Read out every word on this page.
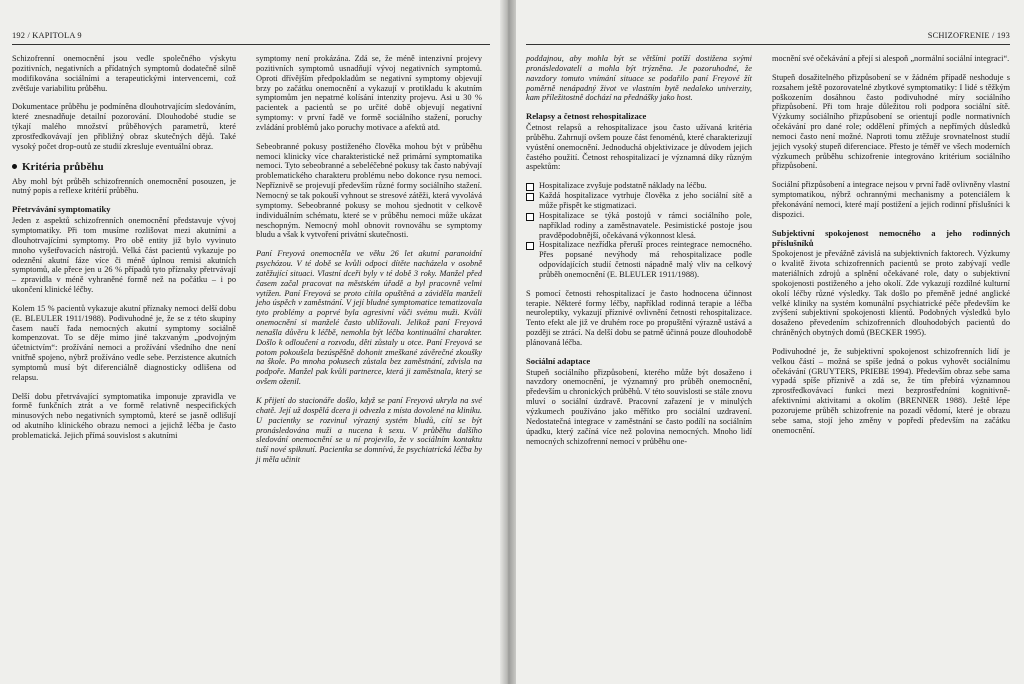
192 / KAPITOLA 9

Schizofrenní onemocnění jsou vedle společného výskytu pozitivních, negativních a přídatných symptomů dodatečně silně modifikována sociálními a terapeutickými intervencemi, což zvětšuje variabilitu průběhu.

Dokumentace průběhu je podmíněna dlouhotrvajícím sledováním, které znesnadňuje detailní pozorování. Dlouhodobé studie se týkají malého množství průběhových parametrů, které zprostředkovávají jen přibližný obraz skutečných dějů. Také vysoký počet drop-outů ze studií zkresluje eventuální obraz.

Kritéria průběhu

Aby mohl být průběh schizofrenních onemocnění posouzen, je nutný popis a reflexe kritérií průběhu.

Přetrvávání symptomatiky

Jeden z aspektů schizofrenních onemocnění představuje vývoj symptomatiky. Při tom musíme rozlišovat mezi akutními a dlouhotrvajícími symptomy. Pro obě entity již bylo vyvinuto mnoho vyšetřovacích nástrojů. Velká část pacientů vykazuje po odeznění akutní fáze více či méně úplnou remisi akutních symptomů, ale přece jen u 26 % případů tyto příznaky přetrvávají – zpravidla v méně vyhraněné formě než na počátku – i po ukončení klinické léčby.

Kolem 15 % pacientů vykazuje akutní příznaky nemoci delší dobu (E. BLEULER 1911/1988). Podivuhodné je, že se z této skupiny časem naučí řada nemocných akutní symptomy sociálně kompenzovat. To se děje mimo jiné takzvaným „podvojným účetnictvím“: prožívání nemoci a prožívání všedního dne není vnitřně spojeno, nýbrž prožíváno vedle sebe. Perzistence akutních symptomů musí být diferenciálně diagnosticky odlišena od relapsu.

Delší dobu přetrvávající symptomatika imponuje zpravidla ve formě funkčních ztrát a ve formě relativně nespecifických minusových nebo negativních symptomů, které se jasně odlišují od akutního klinického obrazu nemoci a jejichž léčba je často problematická. Jejich přímá souvislost s akutními

symptomy není prokázána. Zdá se, že méně intenzivní projevy pozitivních symptomů usnadňují vývoj negativních symptomů. Oproti dřívějším předpokladům se negativní symptomy objevují brzy po začátku onemocnění a vykazují v protikladu k akutním symptomům jen nepatrné kolísání intenzity projevu. Asi u 30 % pacientek a pacientů se po určité době objevují negativní symptomy: v první řadě ve formě sociálního stažení, poruchy zvládání problémů jako poruchy motivace a afektů atd.

Sebeobranné pokusy postiženého člověka mohou být v průběhu nemoci klinicky více charakteristické než primární symptomatika nemoci. Tyto sebeobranné a sebeléčebné pokusy tak často nabývají problematického charakteru problému nebo dokonce rysu nemoci. Nepříznivě se projevují především různé formy sociálního stažení. Nemocný se tak pokouší vyhnout se stresové zátěži, která vyvolává symptomy. Sebeobranné pokusy se mohou sjednotit v celkově individuálním schématu, které se v průběhu nemoci může ukázat neschopným. Nemocný mohl obnovit rovnováhu se symptomy bludu a však k vytvoření privátní skutečnosti.

Paní Freyová onemocněla ve věku 26 let akutní paranoidní psychózou. V té době se kvůli odpoci dítěte nacházela v osobně zatěžující situaci. Vlastní dceři byly v té době 3 roky. Manžel před časem začal pracovat na městském úřadě a byl pracovně velmi vytížen. Paní Freyová se proto cítila opuštěná a záviděla manželi jeho úspěch v zaměstnání. V její bludné symptomatice tematizovala tyto problémy a poprvé byla agresivní vůči svému muži. Kvůli onemocnění si manželé často ublížovali. Jelikož paní Freyová nenašla důvěru k léčbě, nemohla být léčba kontinuální charakter. Došlo k odloučení a rozvodu, děti zůstaly u otce. Paní Freyová se potom pokoušela bezúspěšně dohonit zmeškané závěrečné zkoušky na škole. Po mnoha pokusech zůstala bez zaměstnání, zdvisla na podpoře. Manžel pak kvůli partnerce, která ji zaměstnala, který se ovšem oženil.

K přijetí do stacionáře došlo, když se paní Freyová ukryla na své chatě. Její už dospělá dcera ji odvezla z místa dovolené na kliniku. U pacientky se rozvinul výrazný systém bludů, cítí se být pronásledována muži a nucena k sexu. V průběhu dalšího sledování onemocnění se u ní projevilo, že v sociálním kontaktu tuší nové spiknutí. Pacientka se domnívá, že psychiatrická léčba by ji měla učinit

SCHIZOFRENIE / 193

poddajnou, aby mohla být se většími potíží dostižena svými pronásledovateli a mohla být trýzněna. Je pozoruhodné, že navzdory tomuto vnímání situace se podařilo paní Freyové žít poměrně nenápadný život ve vlastním bytě nedaleko univerzity, kam příležitostně dochází na přednášky jako host.

Relapsy a četnost rehospitalizace

Četnost relapsů a rehospitalizace jsou často užívaná kritéria průběhu. Zahrnují ovšem pouze část fenoménů, které charakterizují vyústění onemocnění. Jednoduchá objektivizace je důvodem jejich častého použití. Četnost rehospitalizací je významná díky různým aspektům:

Hospitalizace zvyšuje podstatně náklady na léčbu.
Každá hospitalizace vytrhuje člověka z jeho sociální sítě a může přispět ke stigmatizaci.
Hospitalizace se týká postojů v rámci sociálního pole, například rodiny a zaměstnavatele. Pesimistické postoje jsou pravděpodobnější, očekávaná výkonnost klesá.
Hospitalizace nezřídka přeruší proces reintegrace nemocného. Přes popsané nevýhody má rehospitalizace podle odpovídajících studií četnosti nápadně malý vliv na celkový průběh onemocnění (E. BLEULER 1911/1988).

S pomocí četnosti rehospitalizací je často hodnocena účinnost terapie. Některé formy léčby, například rodinná terapie a léčba neuroleptiky, vykazují příznivé ovlivnění četnosti rehospitalizace. Tento efekt ale již ve druhém roce po propuštění výrazně ustává a později se ztrácí. Na delší dobu se patrně účinná pouze dlouhodobě plánovaná léčba.

Sociální adaptace

Stupeň sociálního přizpůsobení, kterého může být dosaženo i navzdory onemocnění, je významný pro průběh onemocnění, především u chronických průběhů. V této souvislosti se stále znovu mluví o sociální úzdravě. Pracovní zařazení je v minulých výzkumech používáno jako měřítko pro sociální uzdravení. Nedostatečná integrace v zaměstnání se často podílí na sociálním úpadku, který začíná více než polovina nemocných. Mnoho lidí nemocných schizofrenní nemocí v průběhu one-

mocnění své očekávání a přejí si alespoň „normální sociální integraci“.

Stupeň dosažitelného přizpůsobení se v žádném případě neshoduje s rozsahem ještě pozorovatelné zbytkové symptomatiky: I lidé s těžkým poškozením dosáhnou často podivuhodné míry sociálního přizpůsobení. Při tom hraje důležitou roli podpora sociální sítě. Výzkumy sociálního přizpůsobení se orientují podle normativních očekávání pro dané role; oddělení přímých a nepřímých důsledků nemoci často není možné. Naproti tomu ztěžuje srovnatelnost studií jejich vysoký stupeň diferenciace. Přesto je téměř ve všech moderních výzkumech průběhu schizofrenie integrováno kritérium sociálního přizpůsobení.

Sociální přizpůsobení a integrace nejsou v první řadě ovlivněny vlastní symptomatikou, nýbrž ochrannými mechanismy a potenciálem k překonávání nemoci, které mají postižení a jejich rodinní příslušníci k dispozici.

Subjektivní spokojenost nemocného a jeho rodinných příslušníků

Spokojenost je převážně závislá na subjektivních faktorech. Výzkumy o kvalitě života schizofrenních pacientů se proto zabývají vedle materiálních zdrojů a splnění očekávané role, daty o subjektivní spokojenosti postiženého a jeho okolí. Zde vykazují rozdílné kulturní okolí léčby různé výsledky. Tak došlo po přeměně jedné anglické velké kliniky na systém komunální psychiatrické péče především ke zvýšení subjektivní spokojenosti klientů. Podobných výsledků bylo dosaženo převedením schizofrenních dlouhodobých pacientů do chráněných obytných domů (BECKER 1995).

Podivuhodné je, že subjektivní spokojenost schizofrenních lidí je velkou částí – možná se spíše jedná o pokus vyhovět sociálnímu očekávání (GRUYTERS, PRIEBE 1994). Především obraz sebe sama vypadá spíše příznivě a zdá se, že tím přebírá významnou zprostředkovávací funkci mezi bezprostředními kognitivně-afektivními aktivitami a okolím (BRENNER 1988). Ještě lépe pozorujeme průběh schizofrenie na pozadí vědomí, které je obrazu sebe sama, stojí jeho změny v popředí především na začátku onemocnění.
